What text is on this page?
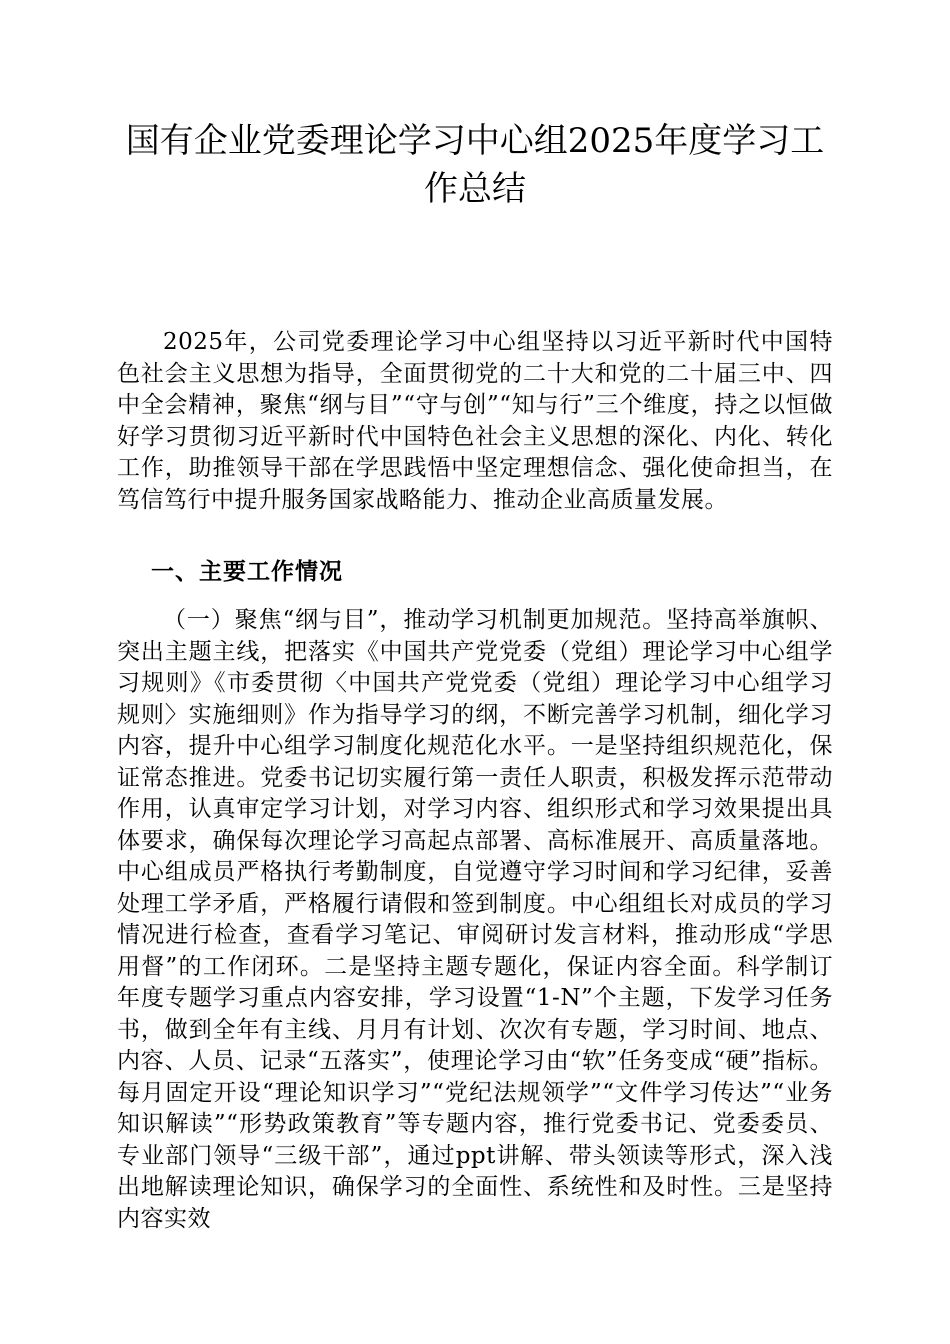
国有企业党委理论学习中心组2025年度学习工作总结

2025年，公司党委理论学习中心组坚持以习近平新时代中国特色社会主义思想为指导，全面贯彻党的二十大和党的二十届三中、四中全会精神，聚焦“纲与目”“守与创”“知与行”三个维度，持之以恒做好学习贯彻习近平新时代中国特色社会主义思想的深化、内化、转化工作，助推领导干部在学思践悟中坚定理想信念、强化使命担当，在笃信笃行中提升服务国家战略能力、推动企业高质量发展。

一、主要工作情况

（一）聚焦“纲与目”，推动学习机制更加规范。坚持高举旗帜、突出主题主线，把落实《中国共产党党委（党组）理论学习中心组学习规则》《市委贯彻〈中国共产党党委（党组）理论学习中心组学习规则〉实施细则》作为指导学习的纲，不断完善学习机制，细化学习内容，提升中心组学习制度化规范化水平。一是坚持组织规范化，保证常态推进。党委书记切实履行第一责任人职责，积极发挥示范带动作用，认真审定学习计划，对学习内容、组织形式和学习效果提出具体要求，确保每次理论学习高起点部署、高标准展开、高质量落地。中心组成员严格执行考勤制度，自觉遵守学习时间和学习纪律，妥善处理工学矛盾，严格履行请假和签到制度。中心组组长对成员的学习情况进行检查，查看学习笔记、审阅研讨发言材料，推动形成“学思用督”的工作闭环。二是坚持主题专题化，保证内容全面。科学制订年度专题学习重点内容安排，学习设置“1-N”个主题，下发学习任务书，做到全年有主线、月月有计划、次次有专题，学习时间、地点、内容、人员、记录“五落实”，使理论学习由“软”任务变成“硬”指标。每月固定开设“理论知识学习”“党纪法规领学”“文件学习传达”“业务知识解读”“形势政策教育”等专题内容，推行党委书记、党委委员、专业部门领导“三级干部”，通过ppt讲解、带头领读等形式，深入浅出地解读理论知识，确保学习的全面性、系统性和及时性。三是坚持内容实效
